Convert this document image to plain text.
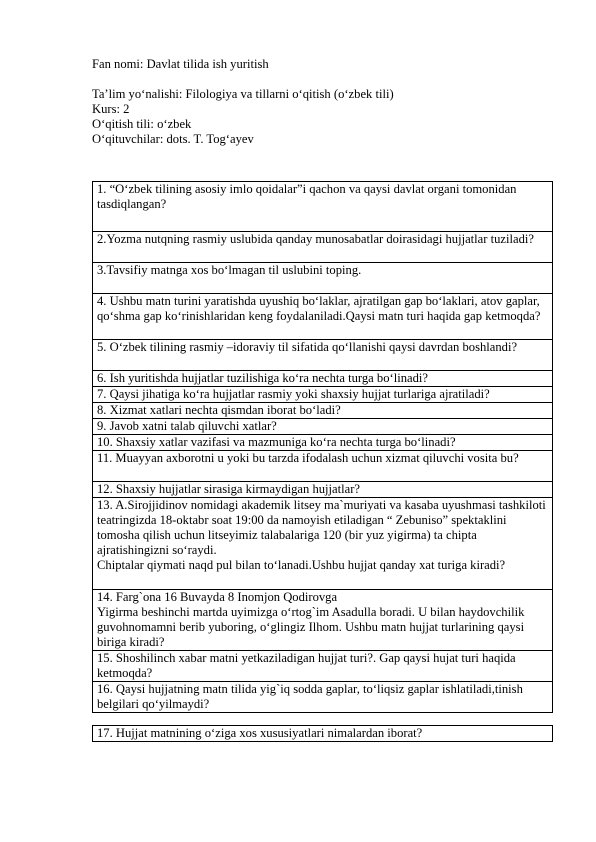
Fan nomi: Davlat tilida ish yuritish

Ta’lim yo‘nalishi: Filologiya va tillarni o‘qitish (o‘zbek tili)

Kurs: 2

O‘qitish tili: o‘zbek

O‘qituvchilar: dots. T. Tog‘ayev

1. “O‘zbek tilining asosiy imlo qoidalar”i qachon va qaysi davlat organi tomonidan tasdiqlangan?

2.Yozma nutqning rasmiy uslubida qanday munosabatlar doirasidagi hujjatlar tuziladi?

3.Tavsifiy matnga xos bo‘lmagan til uslubini toping.

4. Ushbu matn turini yaratishda uyushiq bo‘laklar, ajratilgan gap bo‘laklari, atov gaplar, qo‘shma gap ko‘rinishlaridan keng foydalaniladi.Qaysi matn turi haqida gap ketmoqda?

5. O‘zbek tilining rasmiy –idoraviy til sifatida qo‘llanishi qaysi davrdan boshlandi?

6. Ish yuritishda hujjatlar tuzilishiga ko‘ra nechta turga bo‘linadi?

7. Qaysi jihatiga ko‘ra hujjatlar rasmiy yoki shaxsiy hujjat turlariga ajratiladi?

8. Xizmat xatlari nechta qismdan iborat bo‘ladi?

9. Javob xatni talab qiluvchi xatlar?

10. Shaxsiy xatlar vazifasi va mazmuniga ko‘ra nechta turga bo‘linadi?

11. Muayyan axborotni u yoki bu tarzda ifodalash uchun xizmat qiluvchi vosita bu?

12. Shaxsiy hujjatlar sirasiga kirmaydigan hujjatlar?

13. A.Sirojjidinov nomidagi akademik litsey ma`muriyati va kasaba uyushmasi tashkiloti teatringizda 18-oktabr soat 19:00 da namoyish etiladigan “ Zebuniso” spektaklini tomosha qilish uchun litseyimiz talabalariga 120 (bir yuz yigirma) ta chipta ajratishingizni so‘raydi.
Chiptalar qiymati naqd pul bilan to‘lanadi.Ushbu hujjat qanday xat turiga kiradi?

14. Farg`ona 16 Buvayda 8 Inomjon Qodirovga
Yigirma beshinchi martda uyimizga o‘rtog`im Asadulla boradi. U bilan haydovchilik guvohnomamni berib yuboring, o‘glingiz Ilhom. Ushbu matn hujjat turlarining qaysi biriga kiradi?

15. Shoshilinch xabar matni yetkaziladigan hujjat turi?. Gap qaysi hujat turi haqida ketmoqda?

16. Qaysi hujjatning matn tilida yig`iq sodda gaplar, to‘liqsiz gaplar ishlatiladi,tinish belgilari qo‘yilmaydi?

17. Hujjat matnining o‘ziga xos xususiyatlari nimalardan iborat?
